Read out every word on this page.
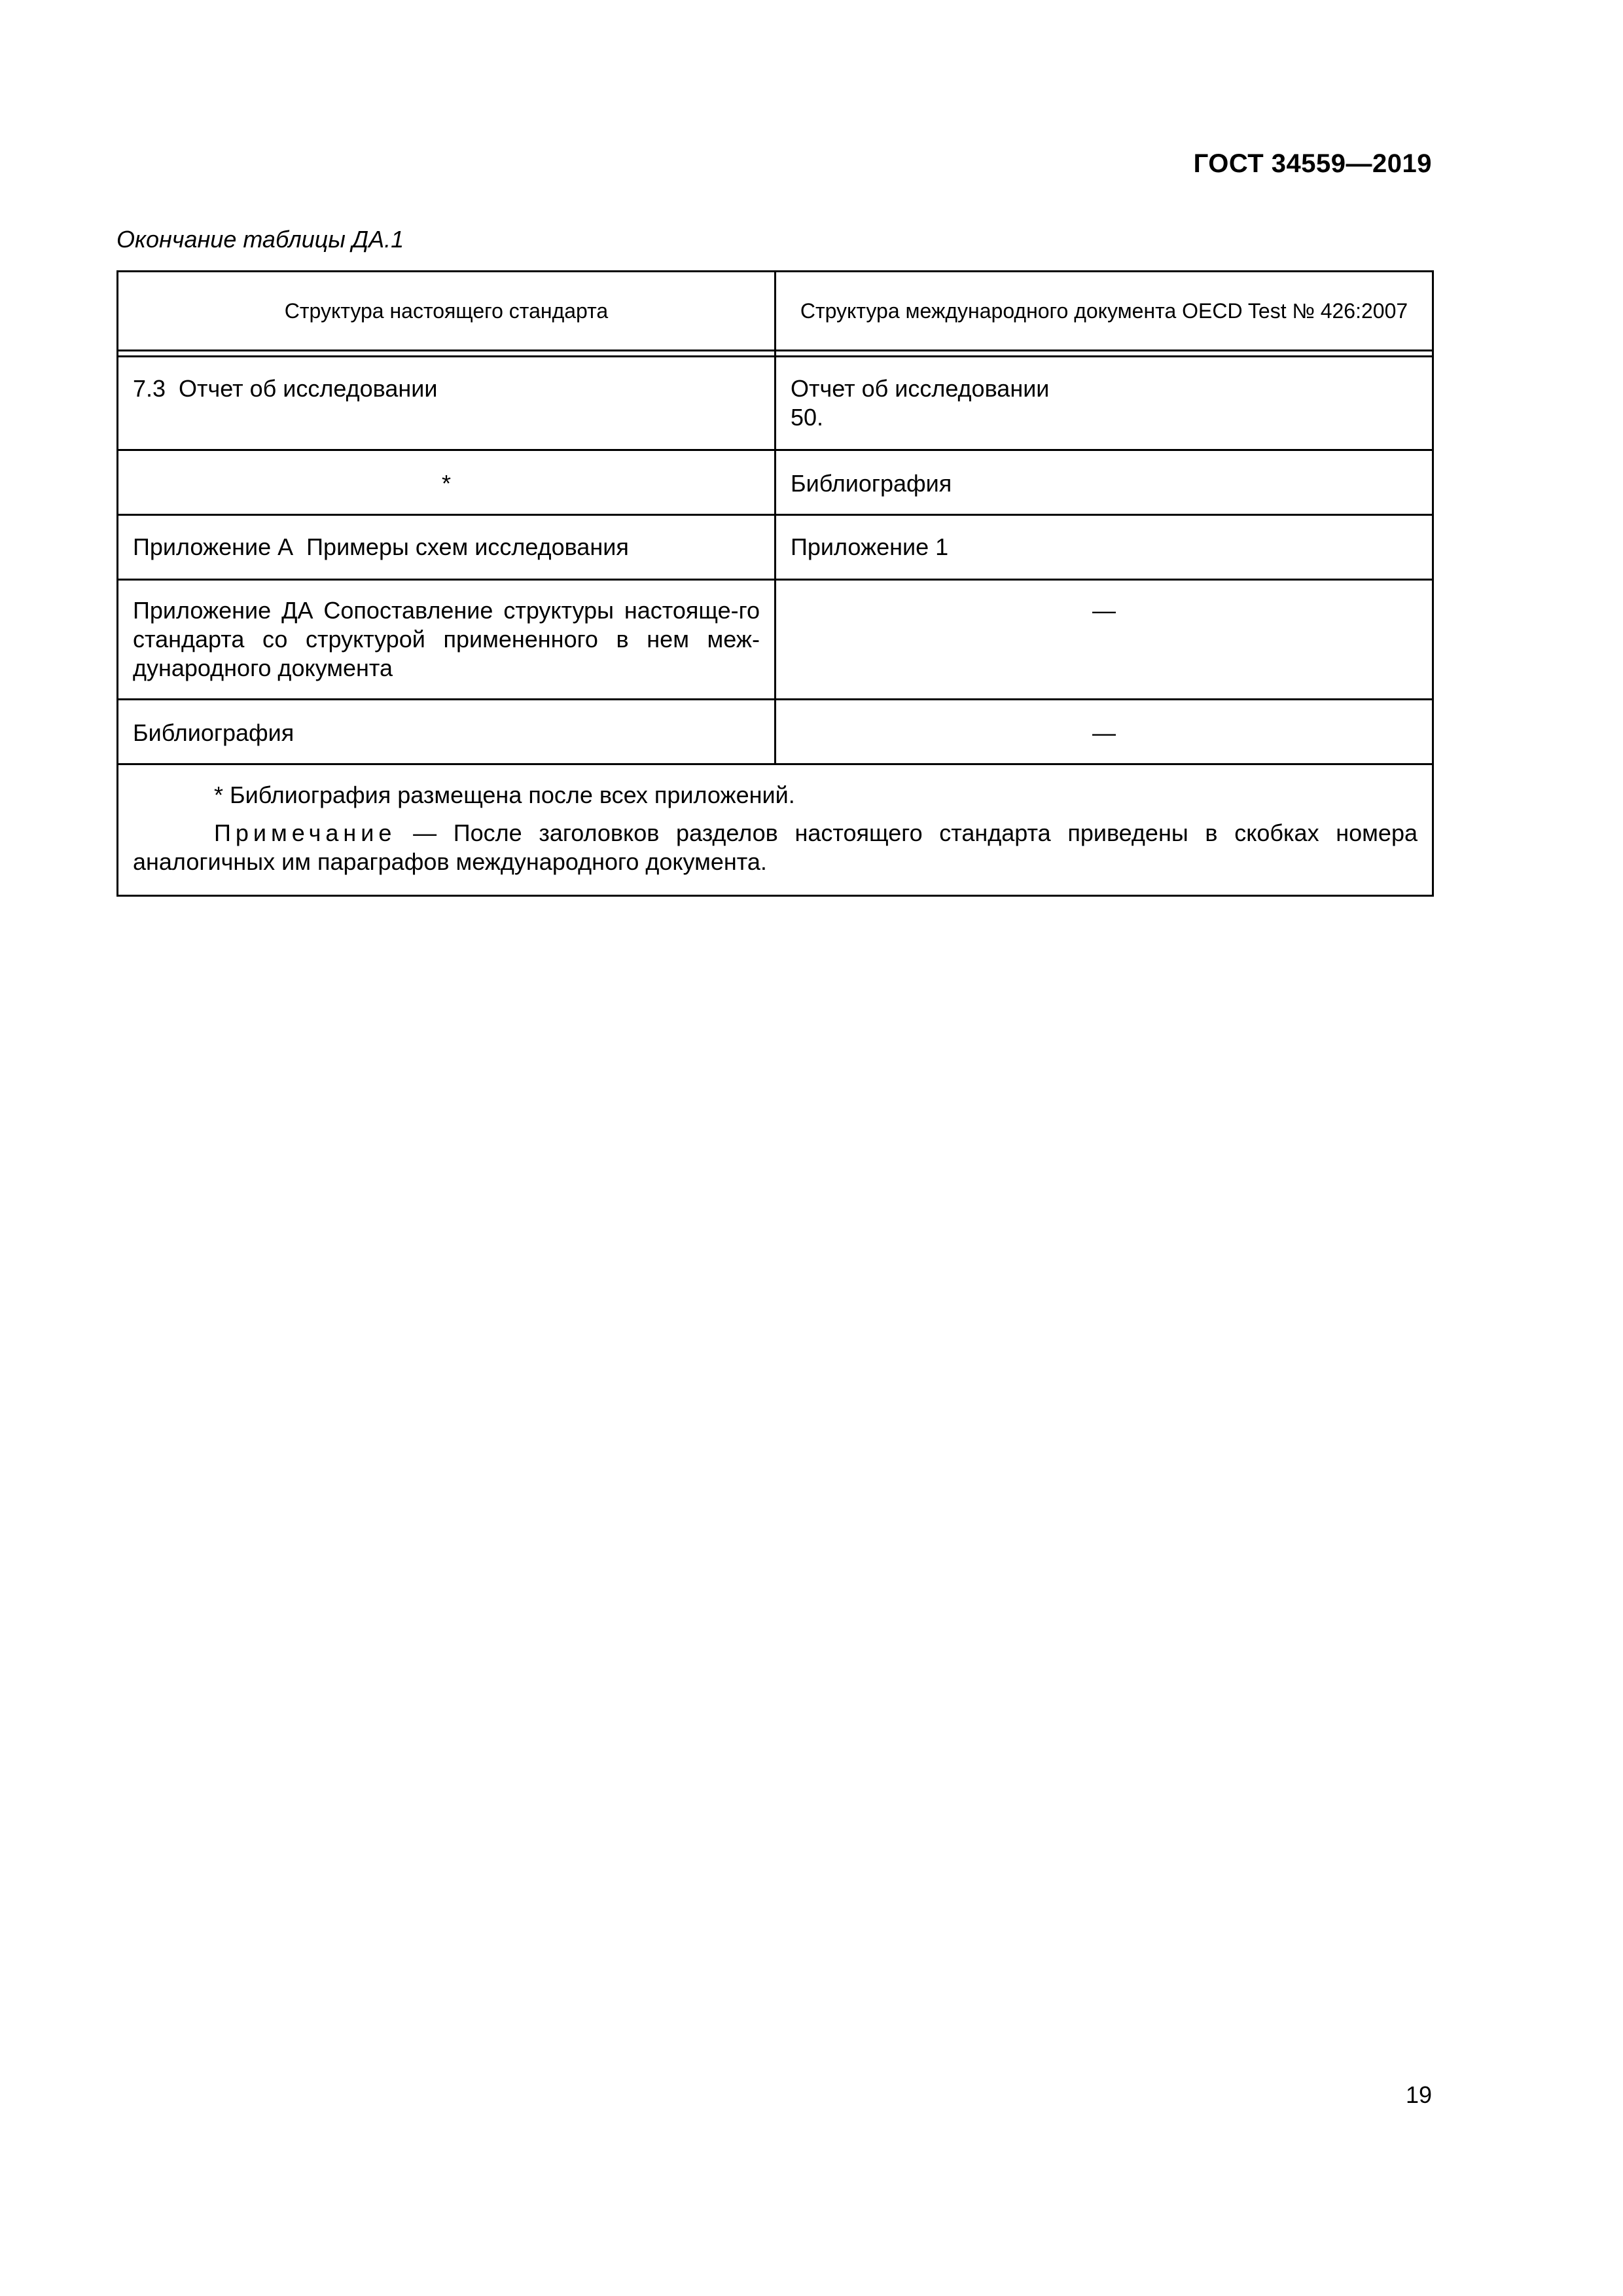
ГОСТ 34559—2019
Окончание таблицы ДА.1
Структура настоящего стандарта	Структура международного документа OECD Test № 426:2007

7.3  Отчет об исследовании	Отчет об исследовании
50.
*	Библиография
Приложение А  Примеры схем исследования	Приложение 1
Приложение ДА Сопоставление структуры настояще-го стандарта со структурой примененного в нем меж-дународного документа	—
Библиография	—

* Библиография размещена после всех приложений.

Примечание — После заголовков разделов настоящего стандарта приведены в скобках номера аналогичных им параграфов международного документа.	

19
